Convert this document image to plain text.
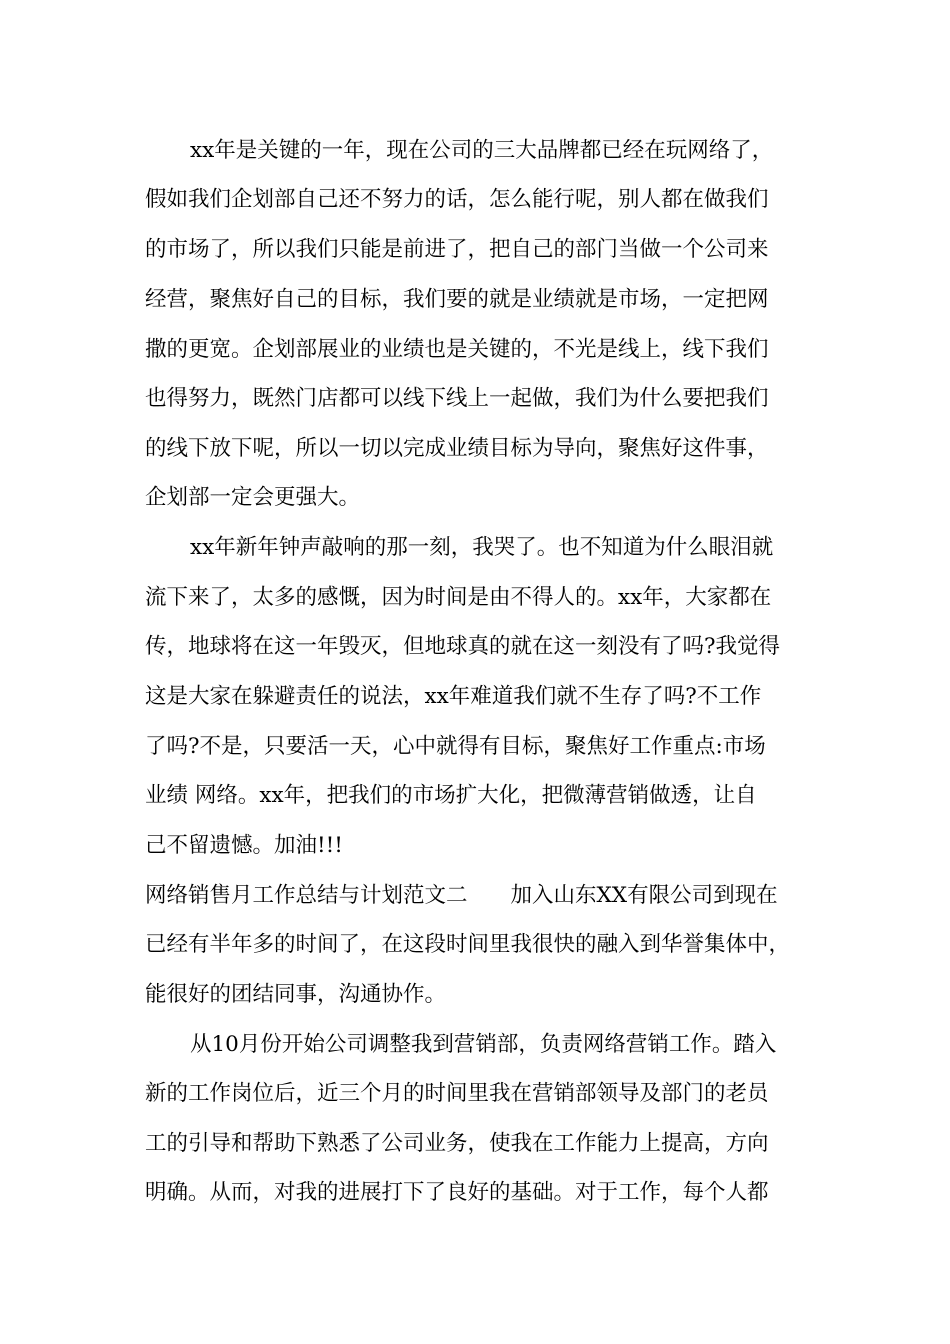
xx年是关键的一年，现在公司的三大品牌都已经在玩网络了，
假如我们企划部自己还不努力的话，怎么能行呢，别人都在做我们
的市场了，所以我们只能是前进了，把自己的部门当做一个公司来
经营，聚焦好自己的目标，我们要的就是业绩就是市场，一定把网
撒的更宽。企划部展业的业绩也是关键的，不光是线上，线下我们
也得努力，既然门店都可以线下线上一起做，我们为什么要把我们
的线下放下呢，所以一切以完成业绩目标为导向，聚焦好这件事，
企划部一定会更强大。
xx年新年钟声敲响的那一刻，我哭了。也不知道为什么眼泪就
流下来了，太多的感慨，因为时间是由不得人的。xx年，大家都在
传，地球将在这一年毁灭，但地球真的就在这一刻没有了吗?我觉得
这是大家在躲避责任的说法，xx年难道我们就不生存了吗?不工作
了吗?不是，只要活一天，心中就得有目标，聚焦好工作重点:市场
业绩 网络。xx年，把我们的市场扩大化，把微薄营销做透，让自
己不留遗憾。加油!!!
网络销售月工作总结与计划范文二　　加入山东XX有限公司到现在
已经有半年多的时间了，在这段时间里我很快的融入到华誉集体中，
能很好的团结同事，沟通协作。
从10月份开始公司调整我到营销部，负责网络营销工作。踏入
新的工作岗位后，近三个月的时间里我在营销部领导及部门的老员
工的引导和帮助下熟悉了公司业务，使我在工作能力上提高，方向
明确。从而，对我的进展打下了良好的基础。对于工作，每个人都
